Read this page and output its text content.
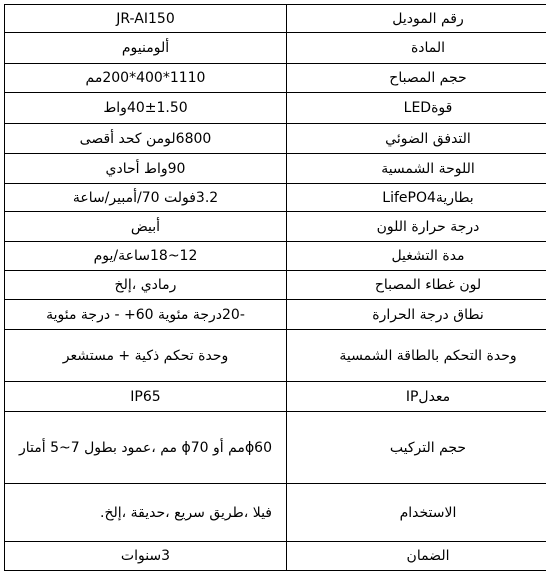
رقم الموديل	JR-AI150
المادة	ألومنيوم
حجم المصباح	1110*400*200مم
قوةLED	40±1.50واط
التدفق الضوئي	6800لومن كحد أقصى
اللوحة الشمسية	90واط أحادي
بطاريةLifePO4	3.2فولت 70/أمبير/ساعة
درجة حرارة اللون	أبيض
مدة التشغيل	12~18ساعة/يوم
لون غطاء المصباح	رمادي ،إلخ
نطاق درجة الحرارة	-20درجة مئوية 60+ - درجة مئوية
وحدة التحكم بالطاقة الشمسية	وحدة تحكم ذكية + مستشعر
معدلIP	IP65
حجم التركيب	ϕ60مم أو ϕ70 مم ،عمود بطول 7~5 أمتار
الاستخدام	فيلا ،طريق سريع ،حديقة ،إلخ.
الضمان	3سنوات
